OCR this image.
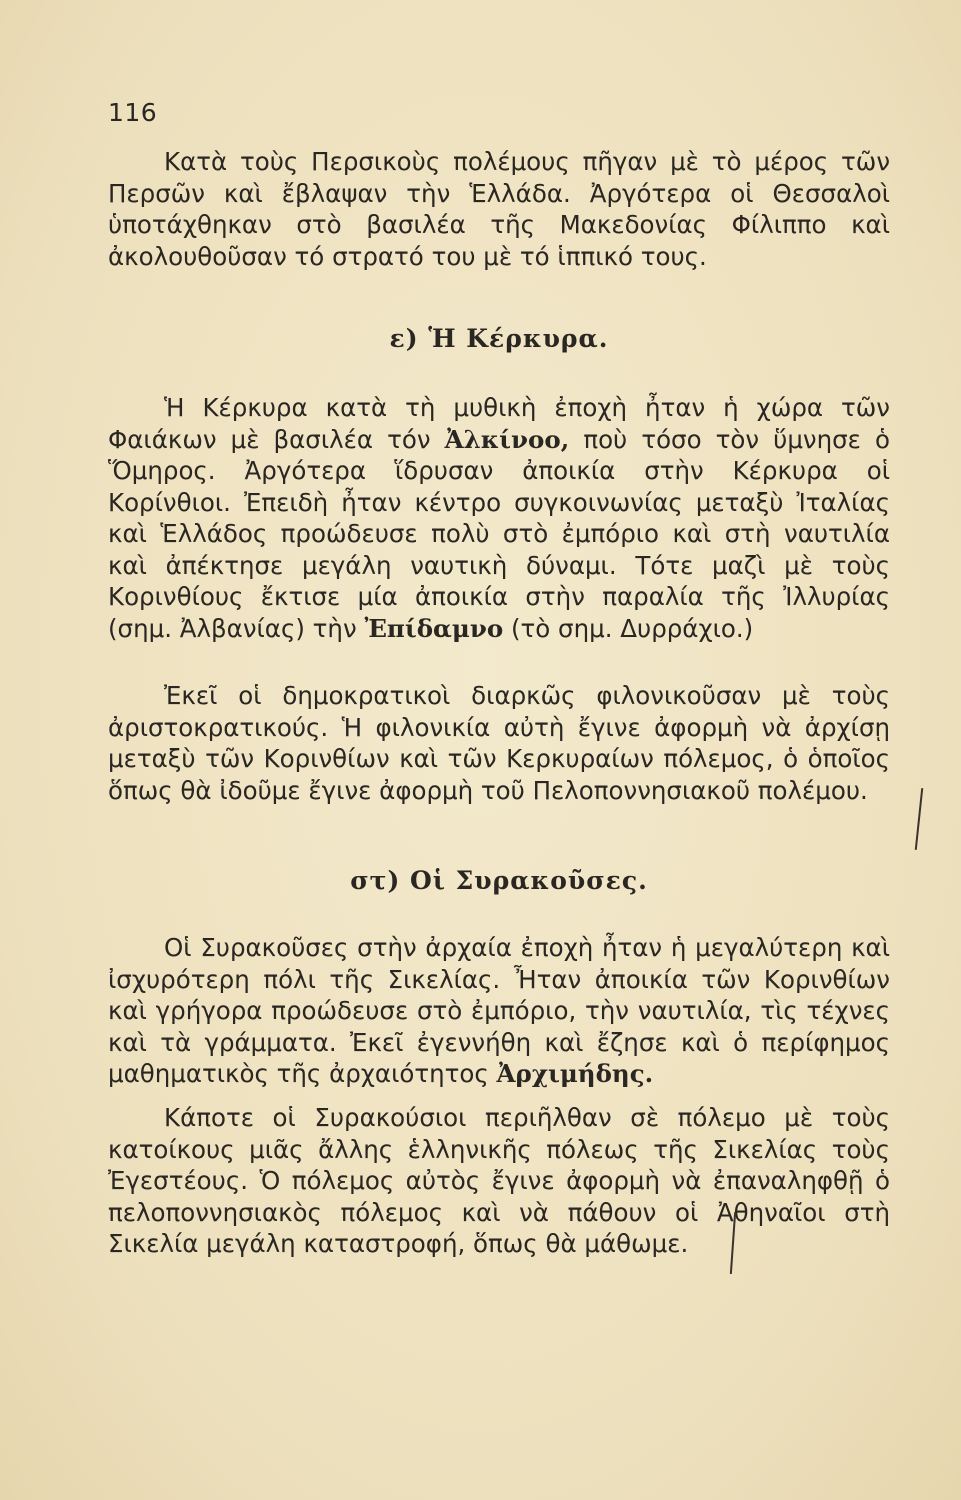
116
Κατὰ τοὺς Περσικοὺς πολέμους πῆγαν μὲ τὸ μέρος τῶν Περσῶν καὶ ἔβλαψαν τὴν Ἑλλάδα. Ἀργότερα οἱ Θεσσαλοὶ ὑποτάχθηκαν στὸ βασιλέα τῆς Μακεδονίας Φίλιππο καὶ ἀκολουθοῦσαν τό στρατό του μὲ τό ἱππικό τους.
ε) Ἡ Κέρκυρα.
Ἡ Κέρκυρα κατὰ τὴ μυθικὴ ἐποχὴ ἦταν ἡ χώρα τῶν Φαιάκων μὲ βασιλέα τόν Ἀλκίνοο, ποὺ τόσο τὸν ὕμνησε ὁ Ὅμηρος. Ἀργότερα ἵδρυσαν ἀποικία στὴν Κέρκυρα οἱ Κορίνθιοι. Ἐπειδὴ ἦταν κέντρο συγκοινωνίας μεταξὺ Ἰταλίας καὶ Ἑλλάδος προώδευσε πολὺ στὸ ἐμπόριο καὶ στὴ ναυτιλία καὶ ἀπέκτησε μεγάλη ναυτικὴ δύναμι. Τότε μαζὶ μὲ τοὺς Κορινθίους ἔκτισε μία ἀποικία στὴν παραλία τῆς Ἰλλυρίας (σημ. Ἀλβανίας) τὴν Ἐπίδαμνο (τὸ σημ. Δυρράχιο.)
Ἐκεῖ οἱ δημοκρατικοὶ διαρκῶς φιλονικοῦσαν μὲ τοὺς ἀριστοκρατικούς. Ἡ φιλονικία αὐτὴ ἔγινε ἀφορμὴ νὰ ἀρχίσῃ μεταξὺ τῶν Κορινθίων καὶ τῶν Κερκυραίων πόλεμος, ὁ ὁποῖος ὅπως θὰ ἰδοῦμε ἔγινε ἀφορμὴ τοῦ Πελοποννησιακοῦ πολέμου.
στ) Οἱ Συρακοῦσες.
Οἱ Συρακοῦσες στὴν ἀρχαία ἐποχὴ ἦταν ἡ μεγαλύτερη καὶ ἰσχυρότερη πόλι τῆς Σικελίας. Ἦταν ἀποικία τῶν Κορινθίων καὶ γρήγορα προώδευσε στὸ ἐμπόριο, τὴν ναυτιλία, τὶς τέχνες καὶ τὰ γράμματα. Ἐκεῖ ἐγεννήθη καὶ ἔζησε καὶ ὁ περίφημος μαθηματικὸς τῆς ἀρχαιότητος Ἀρχιμήδης.
Κάποτε οἱ Συρακούσιοι περιῆλθαν σὲ πόλεμο μὲ τοὺς κατοίκους μιᾶς ἄλλης ἑλληνικῆς πόλεως τῆς Σικελίας τοὺς Ἐγεστέους. Ὁ πόλεμος αὐτὸς ἔγινε ἀφορμὴ νὰ ἐπαναληφθῇ ὁ πελοποννησιακὸς πόλεμος καὶ νὰ πάθουν οἱ Ἀθηναῖοι στὴ Σικελία μεγάλη καταστροφή, ὅπως θὰ μάθωμε.
